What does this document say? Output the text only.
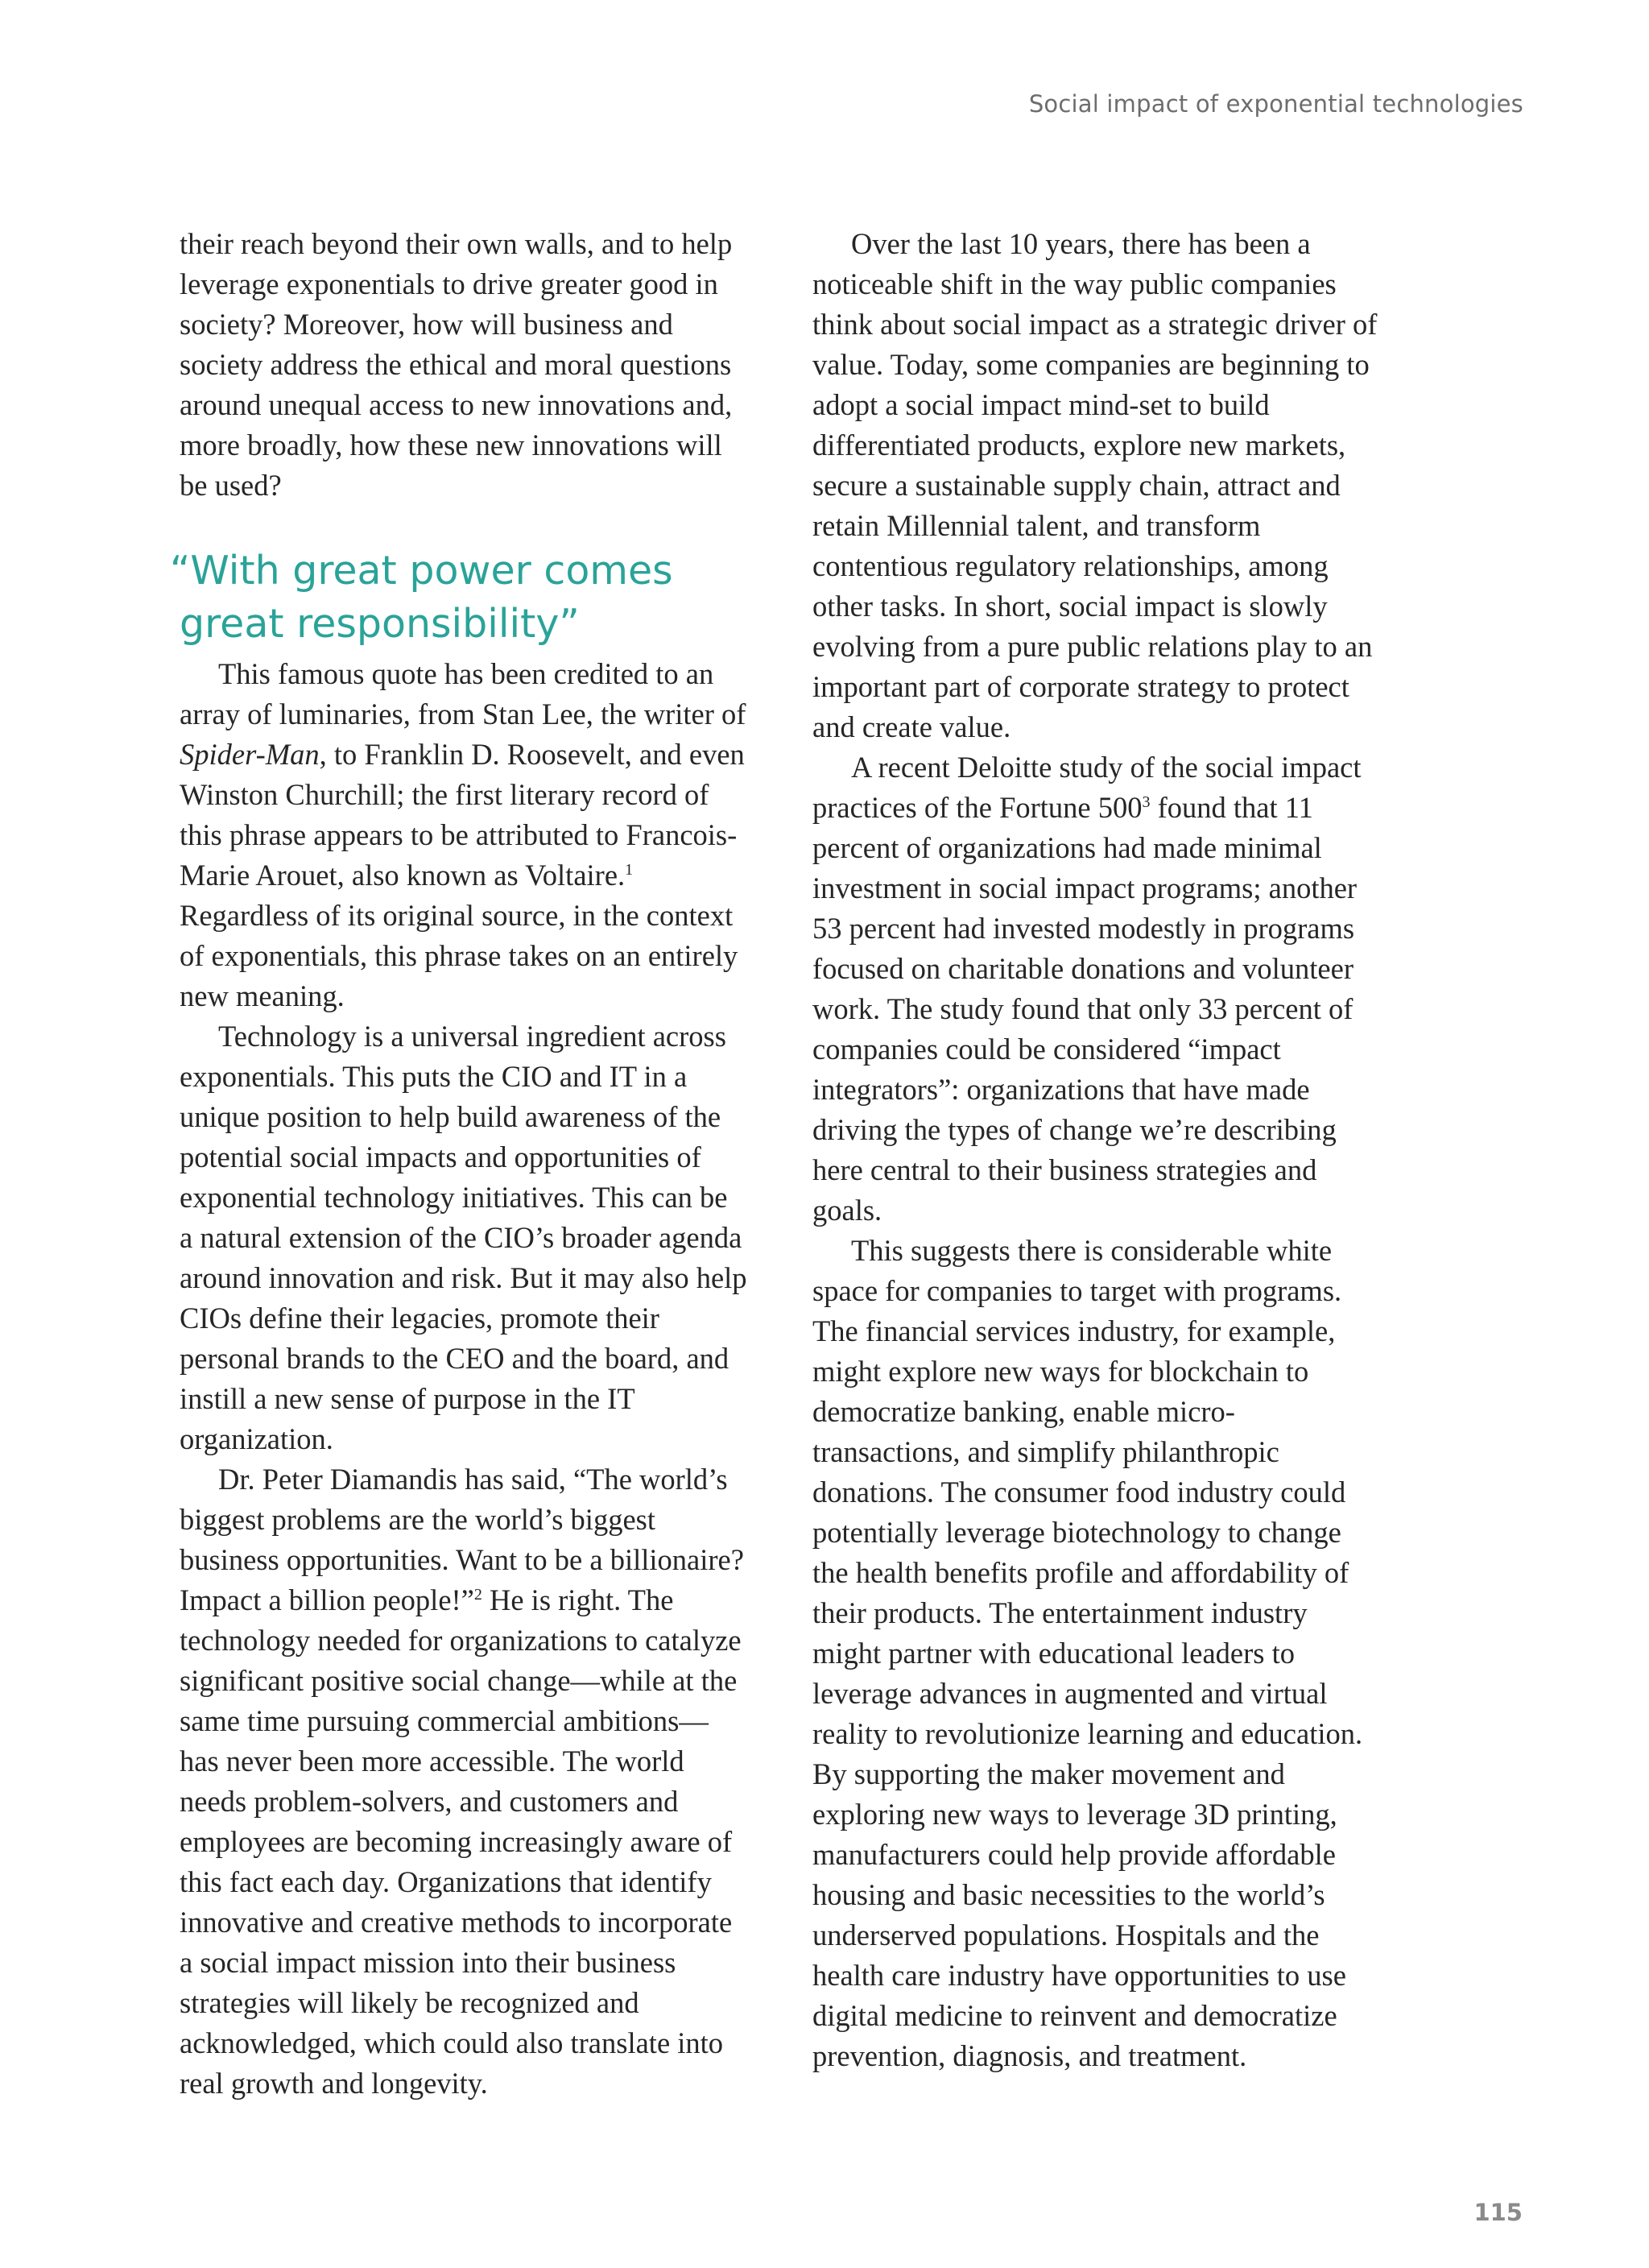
Social impact of exponential technologies

their reach beyond their own walls, and to help leverage exponentials to drive greater good in society? Moreover, how will business and society address the ethical and moral questions around unequal access to new innovations and, more broadly, how these new innovations will be used?

“With great power comes
great responsibility”

This famous quote has been credited to an array of luminaries, from Stan Lee, the writer of Spider-Man, to Franklin D. Roosevelt, and even Winston Churchill; the first literary record of this phrase appears to be attributed to Francois-Marie Arouet, also known as Voltaire.$^1$ Regardless of its original source, in the context of exponentials, this phrase takes on an entirely new meaning.

Technology is a universal ingredient across exponentials. This puts the CIO and IT in a unique position to help build awareness of the potential social impacts and opportunities of exponential technology initiatives. This can be a natural extension of the CIO’s broader agenda around innovation and risk. But it may also help CIOs define their legacies, promote their personal brands to the CEO and the board, and instill a new sense of purpose in the IT organization.

Dr. Peter Diamandis has said, “The world’s biggest problems are the world’s biggest business opportunities. Want to be a billionaire? Impact a billion people!”$^2$ He is right. The technology needed for organizations to catalyze significant positive social change—while at the same time pursuing commercial ambitions—has never been more accessible. The world needs problem-solvers, and customers and employees are becoming increasingly aware of this fact each day. Organizations that identify innovative and creative methods to incorporate a social impact mission into their business strategies will likely be recognized and acknowledged, which could also translate into real growth and longevity.

Over the last 10 years, there has been a noticeable shift in the way public companies think about social impact as a strategic driver of value. Today, some companies are beginning to adopt a social impact mind-set to build differentiated products, explore new markets, secure a sustainable supply chain, attract and retain Millennial talent, and transform contentious regulatory relationships, among other tasks. In short, social impact is slowly evolving from a pure public relations play to an important part of corporate strategy to protect and create value.

A recent Deloitte study of the social impact practices of the Fortune $500^3$ found that 11 percent of organizations had made minimal investment in social impact programs; another 53 percent had invested modestly in programs focused on charitable donations and volunteer work. The study found that only 33 percent of companies could be considered “impact integrators”: organizations that have made driving the types of change we’re describing here central to their business strategies and goals.

This suggests there is considerable white space for companies to target with programs. The financial services industry, for example, might explore new ways for blockchain to democratize banking, enable micro-transactions, and simplify philanthropic donations. The consumer food industry could potentially leverage biotechnology to change the health benefits profile and affordability of their products. The entertainment industry might partner with educational leaders to leverage advances in augmented and virtual reality to revolutionize learning and education. By supporting the maker movement and exploring new ways to leverage 3D printing, manufacturers could help provide affordable housing and basic necessities to the world’s underserved populations. Hospitals and the health care industry have opportunities to use digital medicine to reinvent and democratize prevention, diagnosis, and treatment.

115
